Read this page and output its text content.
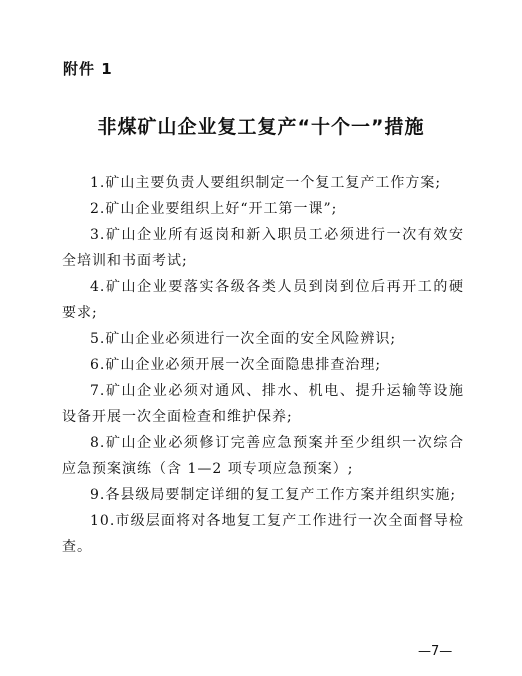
附件 1
非煤矿山企业复工复产“十个一”措施
1.矿山主要负责人要组织制定一个复工复产工作方案;
2.矿山企业要组织上好“开工第一课”;
3.矿山企业所有返岗和新入职员工必须进行一次有效安全培训和书面考试;
4.矿山企业要落实各级各类人员到岗到位后再开工的硬要求;
5.矿山企业必须进行一次全面的安全风险辨识;
6.矿山企业必须开展一次全面隐患排查治理;
7.矿山企业必须对通风、排水、机电、提升运输等设施设备开展一次全面检查和维护保养;
8.矿山企业必须修订完善应急预案并至少组织一次综合应急预案演练（含 1—2 项专项应急预案）;
9.各县级局要制定详细的复工复产工作方案并组织实施;
10.市级层面将对各地复工复产工作进行一次全面督导检查。
—7—
